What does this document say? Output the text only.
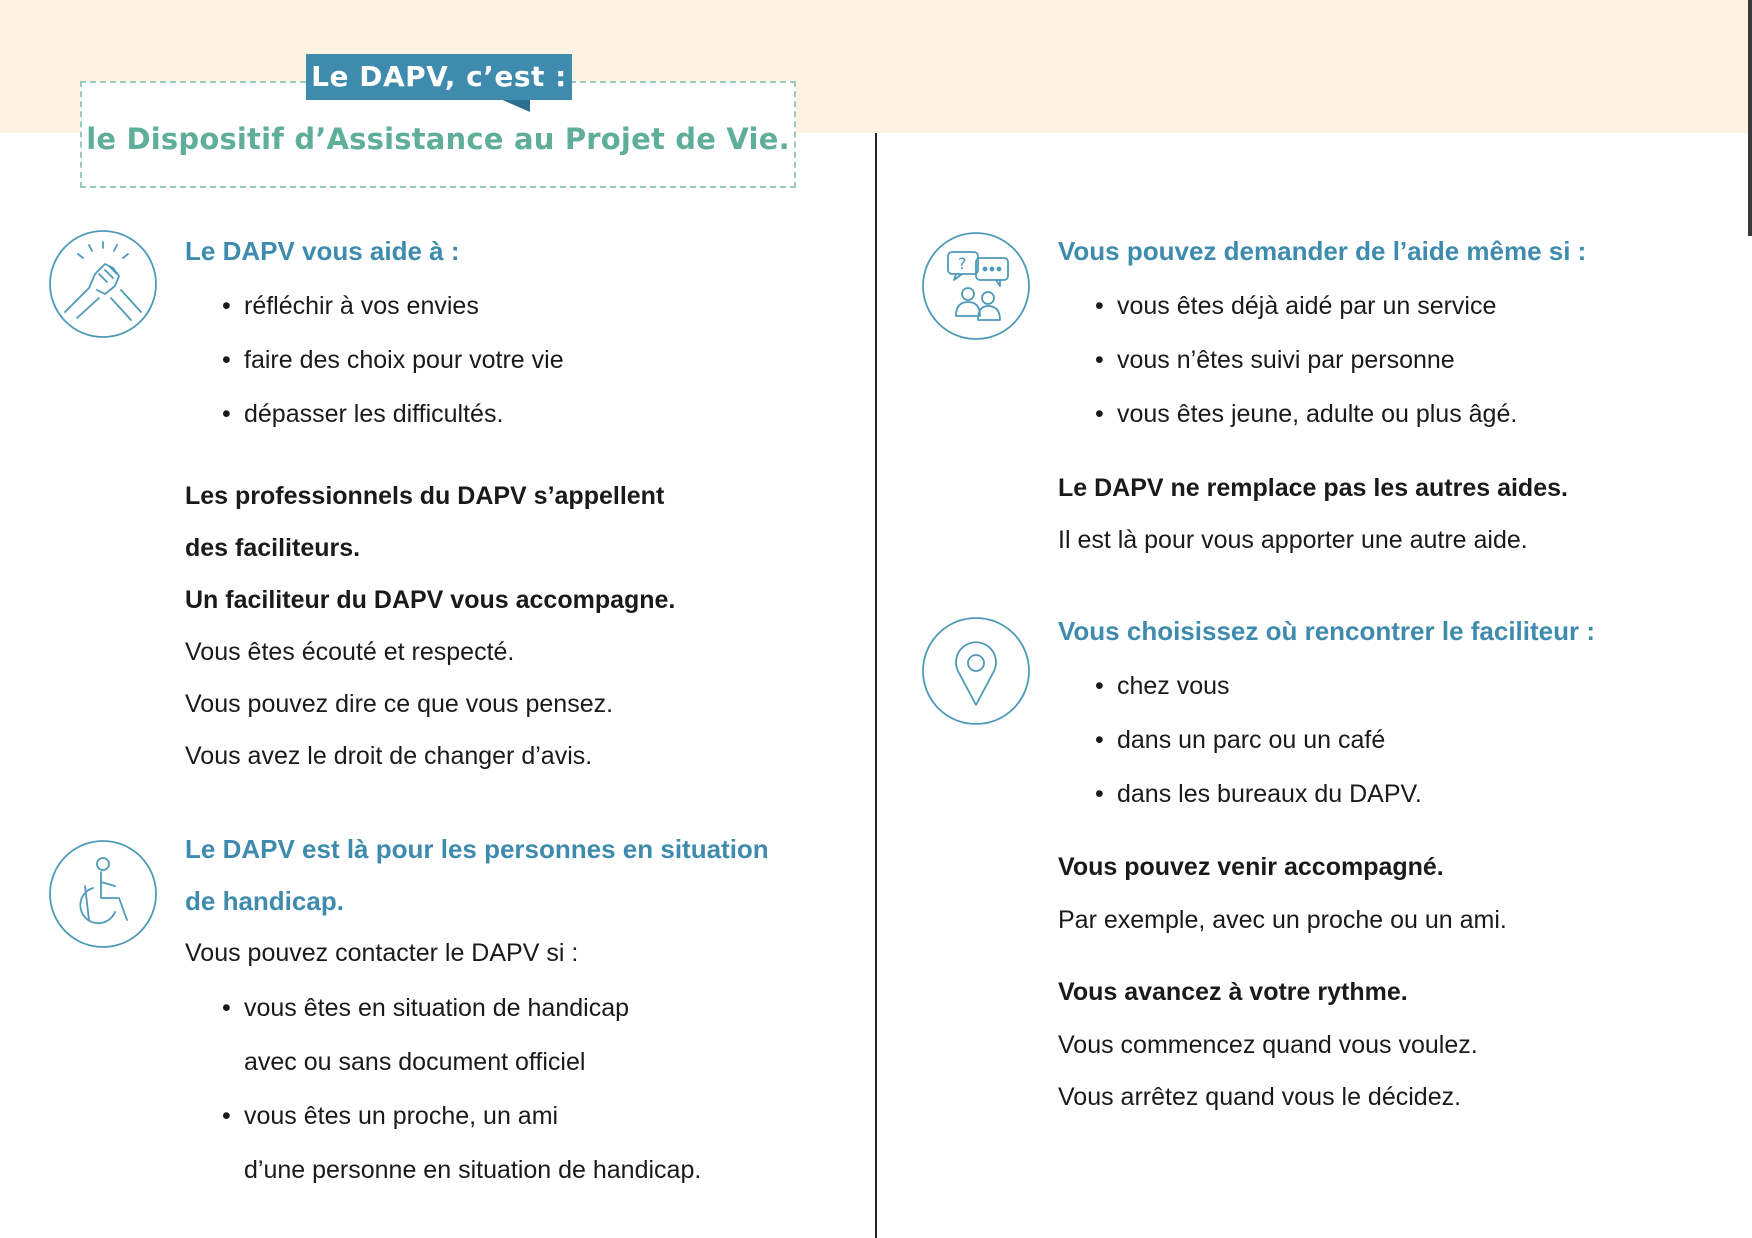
Le DAPV, c’est :
le Dispositif d’Assistance au Projet de Vie.
Le DAPV vous aide à :
• réfléchir à vos envies
• faire des choix pour votre vie
• dépasser les difficultés.
Les professionnels du DAPV s’appellent
des faciliteurs.
Un faciliteur du DAPV vous accompagne.
Vous êtes écouté et respecté.
Vous pouvez dire ce que vous pensez.
Vous avez le droit de changer d’avis.
Le DAPV est là pour les personnes en situation
de handicap.
Vous pouvez contacter le DAPV si :
• vous êtes en situation de handicap
avec ou sans document officiel
• vous êtes un proche, un ami
d’une personne en situation de handicap.
?	Vous pouvez demander de l’aide même si :
• vous êtes déjà aidé par un service
• vous n’êtes suivi par personne
• vous êtes jeune, adulte ou plus âgé.
Le DAPV ne remplace pas les autres aides.
Il est là pour vous apporter une autre aide.
Vous choisissez où rencontrer le faciliteur :
• chez vous
• dans un parc ou un café
• dans les bureaux du DAPV.
Vous pouvez venir accompagné.
Par exemple, avec un proche ou un ami.
Vous avancez à votre rythme.
Vous commencez quand vous voulez.
Vous arrêtez quand vous le décidez.
